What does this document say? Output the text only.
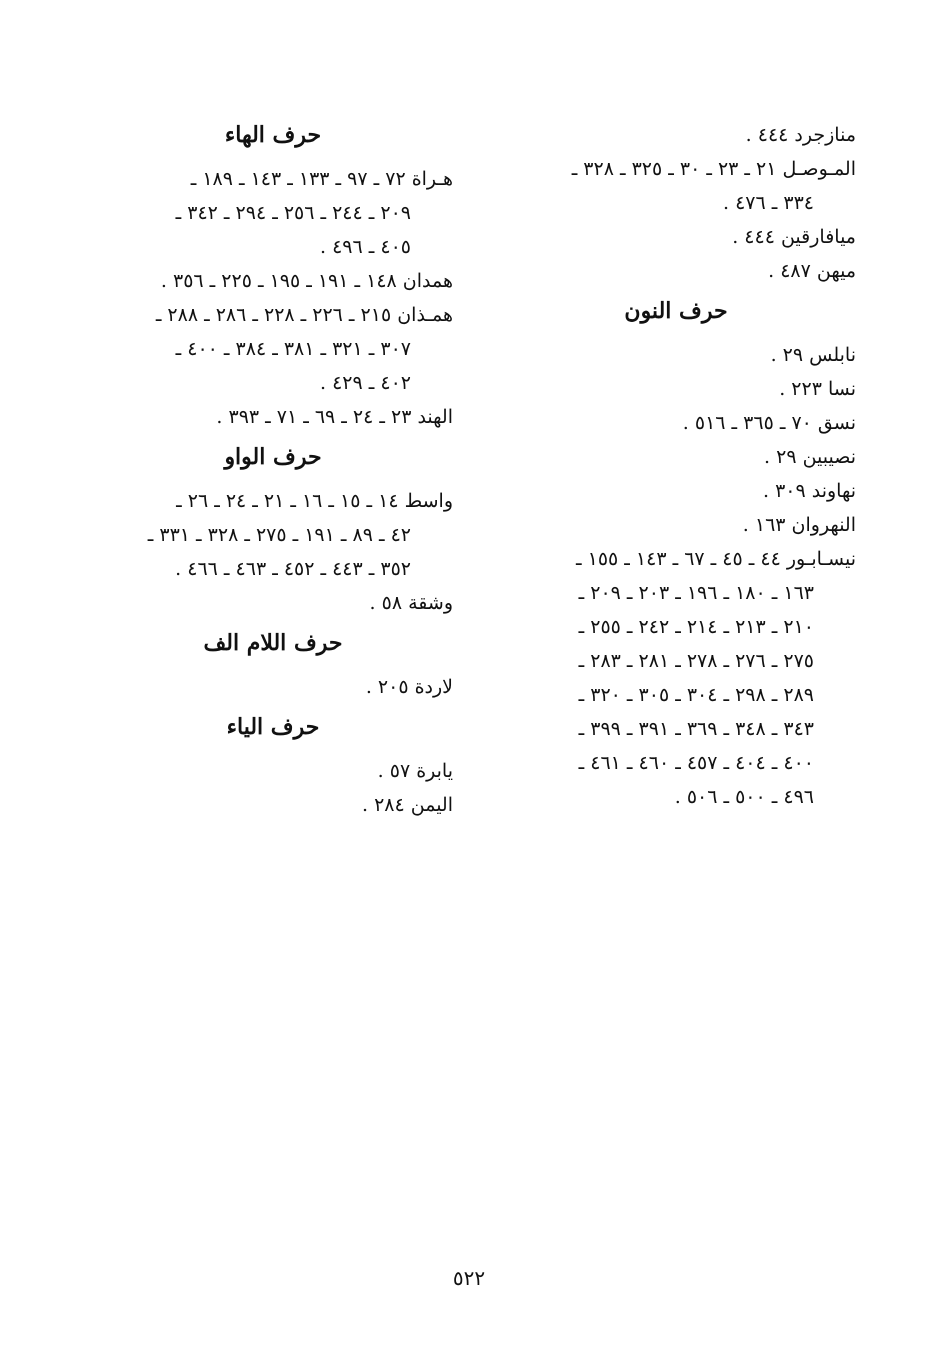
منازجرد ٤٤٤ .
المـوصـل ٢١ ـ ٢٣ ـ ٣٠ ـ ٣٢٥ ـ ٣٢٨ ـ
٣٣٤ ـ ٤٧٦ .
ميافارقين ٤٤٤ .
ميهن ٤٨٧ .
حرف النون
نابلس ٢٩ .
نسا ٢٢٣ .
نسق ٧٠ ـ ٣٦٥ ـ ٥١٦ .
نصيبين ٢٩ .
نهاوند ٣٠٩ .
النهروان ١٦٣ .
نيسـابـور ٤٤ ـ ٤٥ ـ ٦٧ ـ ١٤٣ ـ ١٥٥ ـ
١٦٣ ـ ١٨٠ ـ ١٩٦ ـ ٢٠٣ ـ ٢٠٩ ـ
٢١٠ ـ ٢١٣ ـ ٢١٤ ـ ٢٤٢ ـ ٢٥٥ ـ
٢٧٥ ـ ٢٧٦ ـ ٢٧٨ ـ ٢٨١ ـ ٢٨٣ ـ
٢٨٩ ـ ٢٩٨ ـ ٣٠٤ ـ ٣٠٥ ـ ٣٢٠ ـ
٣٤٣ ـ ٣٤٨ ـ ٣٦٩ ـ ٣٩١ ـ ٣٩٩ ـ
٤٠٠ ـ ٤٠٤ ـ ٤٥٧ ـ ٤٦٠ ـ ٤٦١ ـ
٤٩٦ ـ ٥٠٠ ـ ٥٠٦ .
حرف الهاء
هـراة ٧٢ ـ ٩٧ ـ ١٣٣ ـ ١٤٣ ـ ١٨٩ ـ
٢٠٩ ـ ٢٤٤ ـ ٢٥٦ ـ ٢٩٤ ـ ٣٤٢ ـ
٤٠٥ ـ ٤٩٦ .
همدان ١٤٨ ـ ١٩١ ـ ١٩٥ ـ ٢٢٥ ـ ٣٥٦ .
همـذان ٢١٥ ـ ٢٢٦ ـ ٢٢٨ ـ ٢٨٦ ـ ٢٨٨ ـ
٣٠٧ ـ ٣٢١ ـ ٣٨١ ـ ٣٨٤ ـ ٤٠٠ ـ
٤٠٢ ـ ٤٢٩ .
الهند ٢٣ ـ ٢٤ ـ ٦٩ ـ ٧١ ـ ٣٩٣ .
حرف الواو
واسط ١٤ ـ ١٥ ـ ١٦ ـ ٢١ ـ ٢٤ ـ ٢٦ ـ
٤٢ ـ ٨٩ ـ ١٩١ ـ ٢٧٥ ـ ٣٢٨ ـ ٣٣١ ـ
٣٥٢ ـ ٤٤٣ ـ ٤٥٢ ـ ٤٦٣ ـ ٤٦٦ .
وشقة ٥٨ .
حرف اللام الف
لاردة ٢٠٥ .
حرف الياء
يابرة ٥٧ .
اليمن ٢٨٤ .
٥٢٢
